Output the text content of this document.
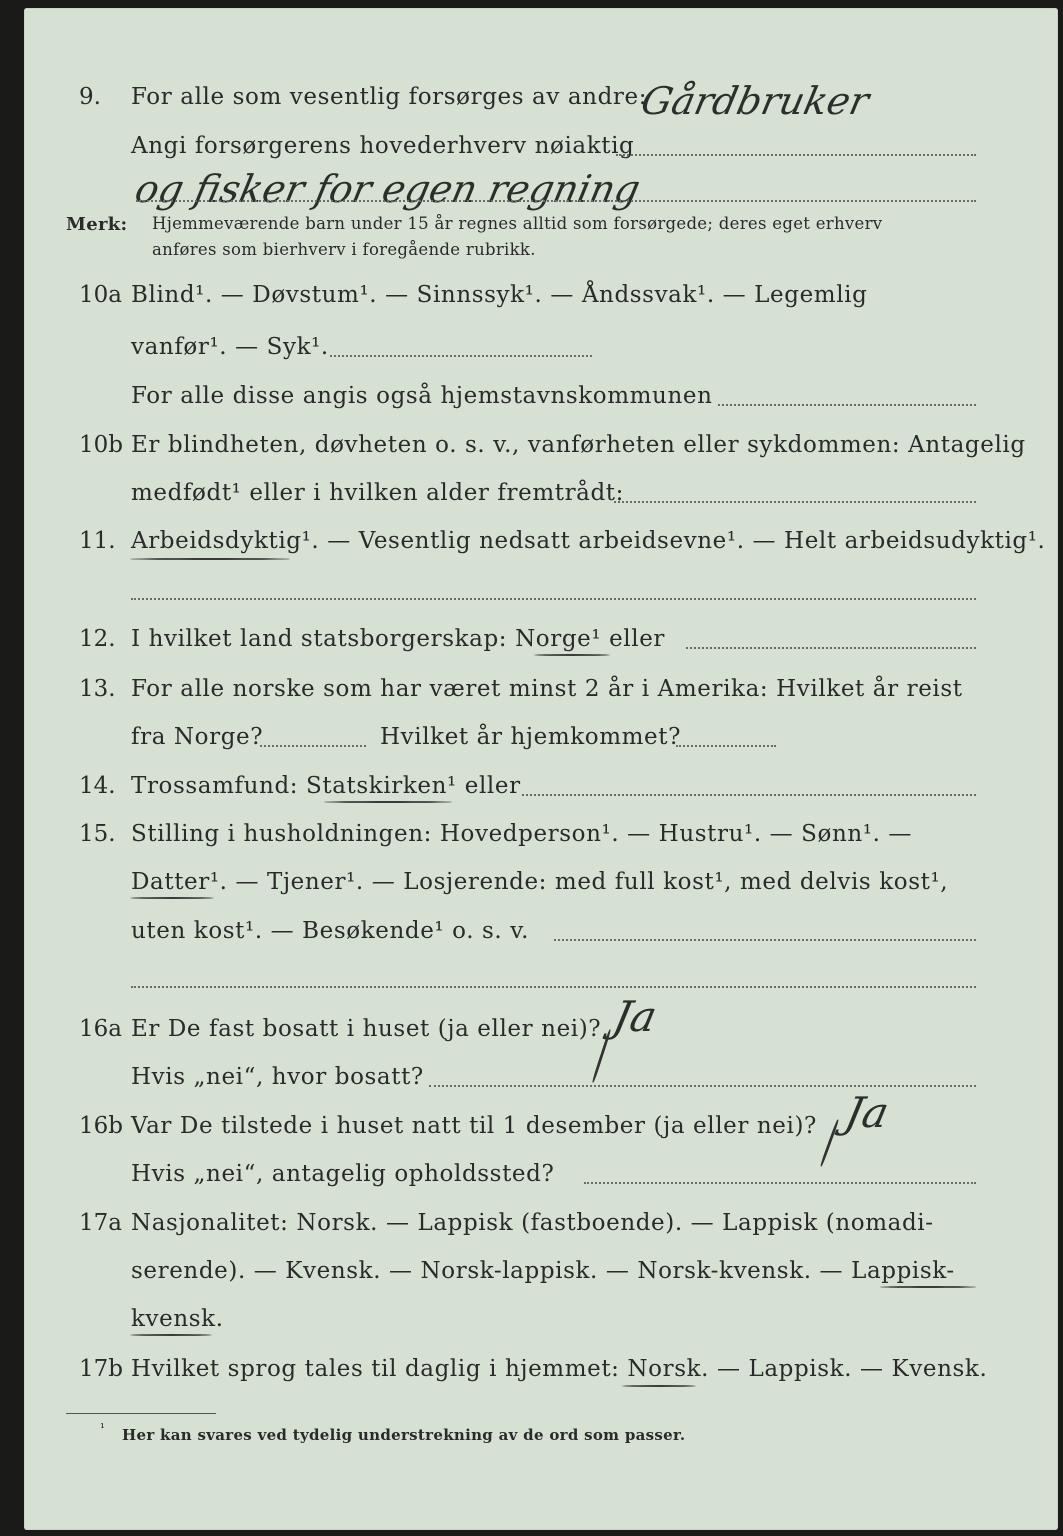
9. For alle som vesentlig forsørges av andre:
Gårdbruker
Angi forsørgerens hovederhverv nøiaktig
og fisker for egen regning
Merk: Hjemmeværende barn under 15 år regnes alltid som forsørgede; deres eget erhverv
anføres som bierhverv i foregående rubrikk.
10a Blind¹. — Døvstum¹. — Sinnssyk¹. — Åndssvak¹. — Legemlig
vanfør¹. — Syk¹.
For alle disse angis også hjemstavnskommunen
10b Er blindheten, døvheten o. s. v., vanførheten eller sykdommen: Antagelig
medfødt¹ eller i hvilken alder fremtrådt:
11. Arbeidsdyktig¹. — Vesentlig nedsatt arbeidsevne¹. — Helt arbeidsudyktig¹.
12. I hvilket land statsborgerskap: Norge¹ eller
13. For alle norske som har været minst 2 år i Amerika: Hvilket år reist
fra Norge?	Hvilket år hjemkommet?
14. Trossamfund: Statskirken¹ eller
15. Stilling i husholdningen: Hovedperson¹. — Hustru¹. — Sønn¹. —
Datter¹. — Tjener¹. — Losjerende: med full kost¹, med delvis kost¹,
uten kost¹. — Besøkende¹ o. s. v.
16a Er De fast bosatt i huset (ja eller nei)? Ja
Hvis „nei“, hvor bosatt?
16b Var De tilstede i huset natt til 1 desember (ja eller nei)? Ja
Hvis „nei“, antagelig opholdssted?
17a Nasjonalitet: Norsk. — Lappisk (fastboende). — Lappisk (nomadi-
serende). — Kvensk. — Norsk-lappisk. — Norsk-kvensk. — Lappisk-
kvensk.
17b Hvilket sprog tales til daglig i hjemmet: Norsk. — Lappisk. — Kvensk.
¹ Her kan svares ved tydelig understrekning av de ord som passer.
